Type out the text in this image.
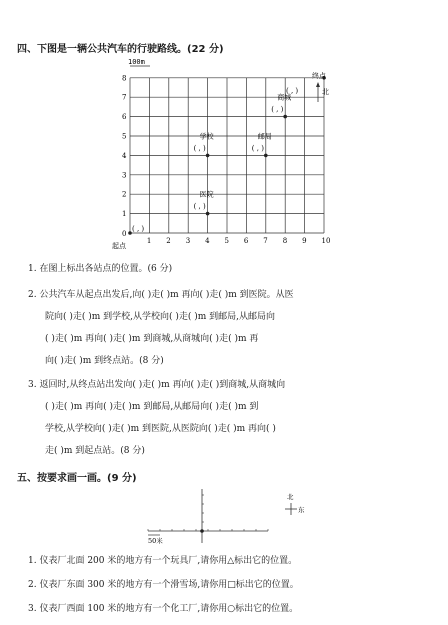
四、下图是一辆公共汽车的行驶路线。(22 分)
1 2 3 4 5 6 7 8 9 10
1
2
3
4
5
6
7
8
0
学校
( , )
邮局
( , )
医院
( , )
商城
( , )
100m
起点
( , )
终点
( , )	北
1. 在图上标出各站点的位置。(6 分)
2. 公共汽车从起点出发后,向( )走( )m 再向( )走( )m 到医院。从医
院向( )走( )m 到学校,从学校向( )走( )m 到邮局,从邮局向
( )走( )m 再向( )走( )m 到商城,从商城向( )走( )m 再
向( )走( )m 到终点站。(8 分)
3. 返回时,从终点站出发向( )走( )m 再向( )走( )到商城,从商城向
( )走( )m 再向( )走( )m 到邮局,从邮局向( )走( )m 到
学校,从学校向( )走( )m 到医院,从医院向( )走( )m 再向( )
走( )m 到起点站。(8 分)
五、按要求画一画。(9 分)
50米
北
东
1. 仪表厂北面 200 米的地方有一个玩具厂,请你用△标出它的位置。
2. 仪表厂东面 300 米的地方有一个滑雪场,请你用□标出它的位置。
3. 仪表厂西面 100 米的地方有一个化工厂,请你用○标出它的位置。
